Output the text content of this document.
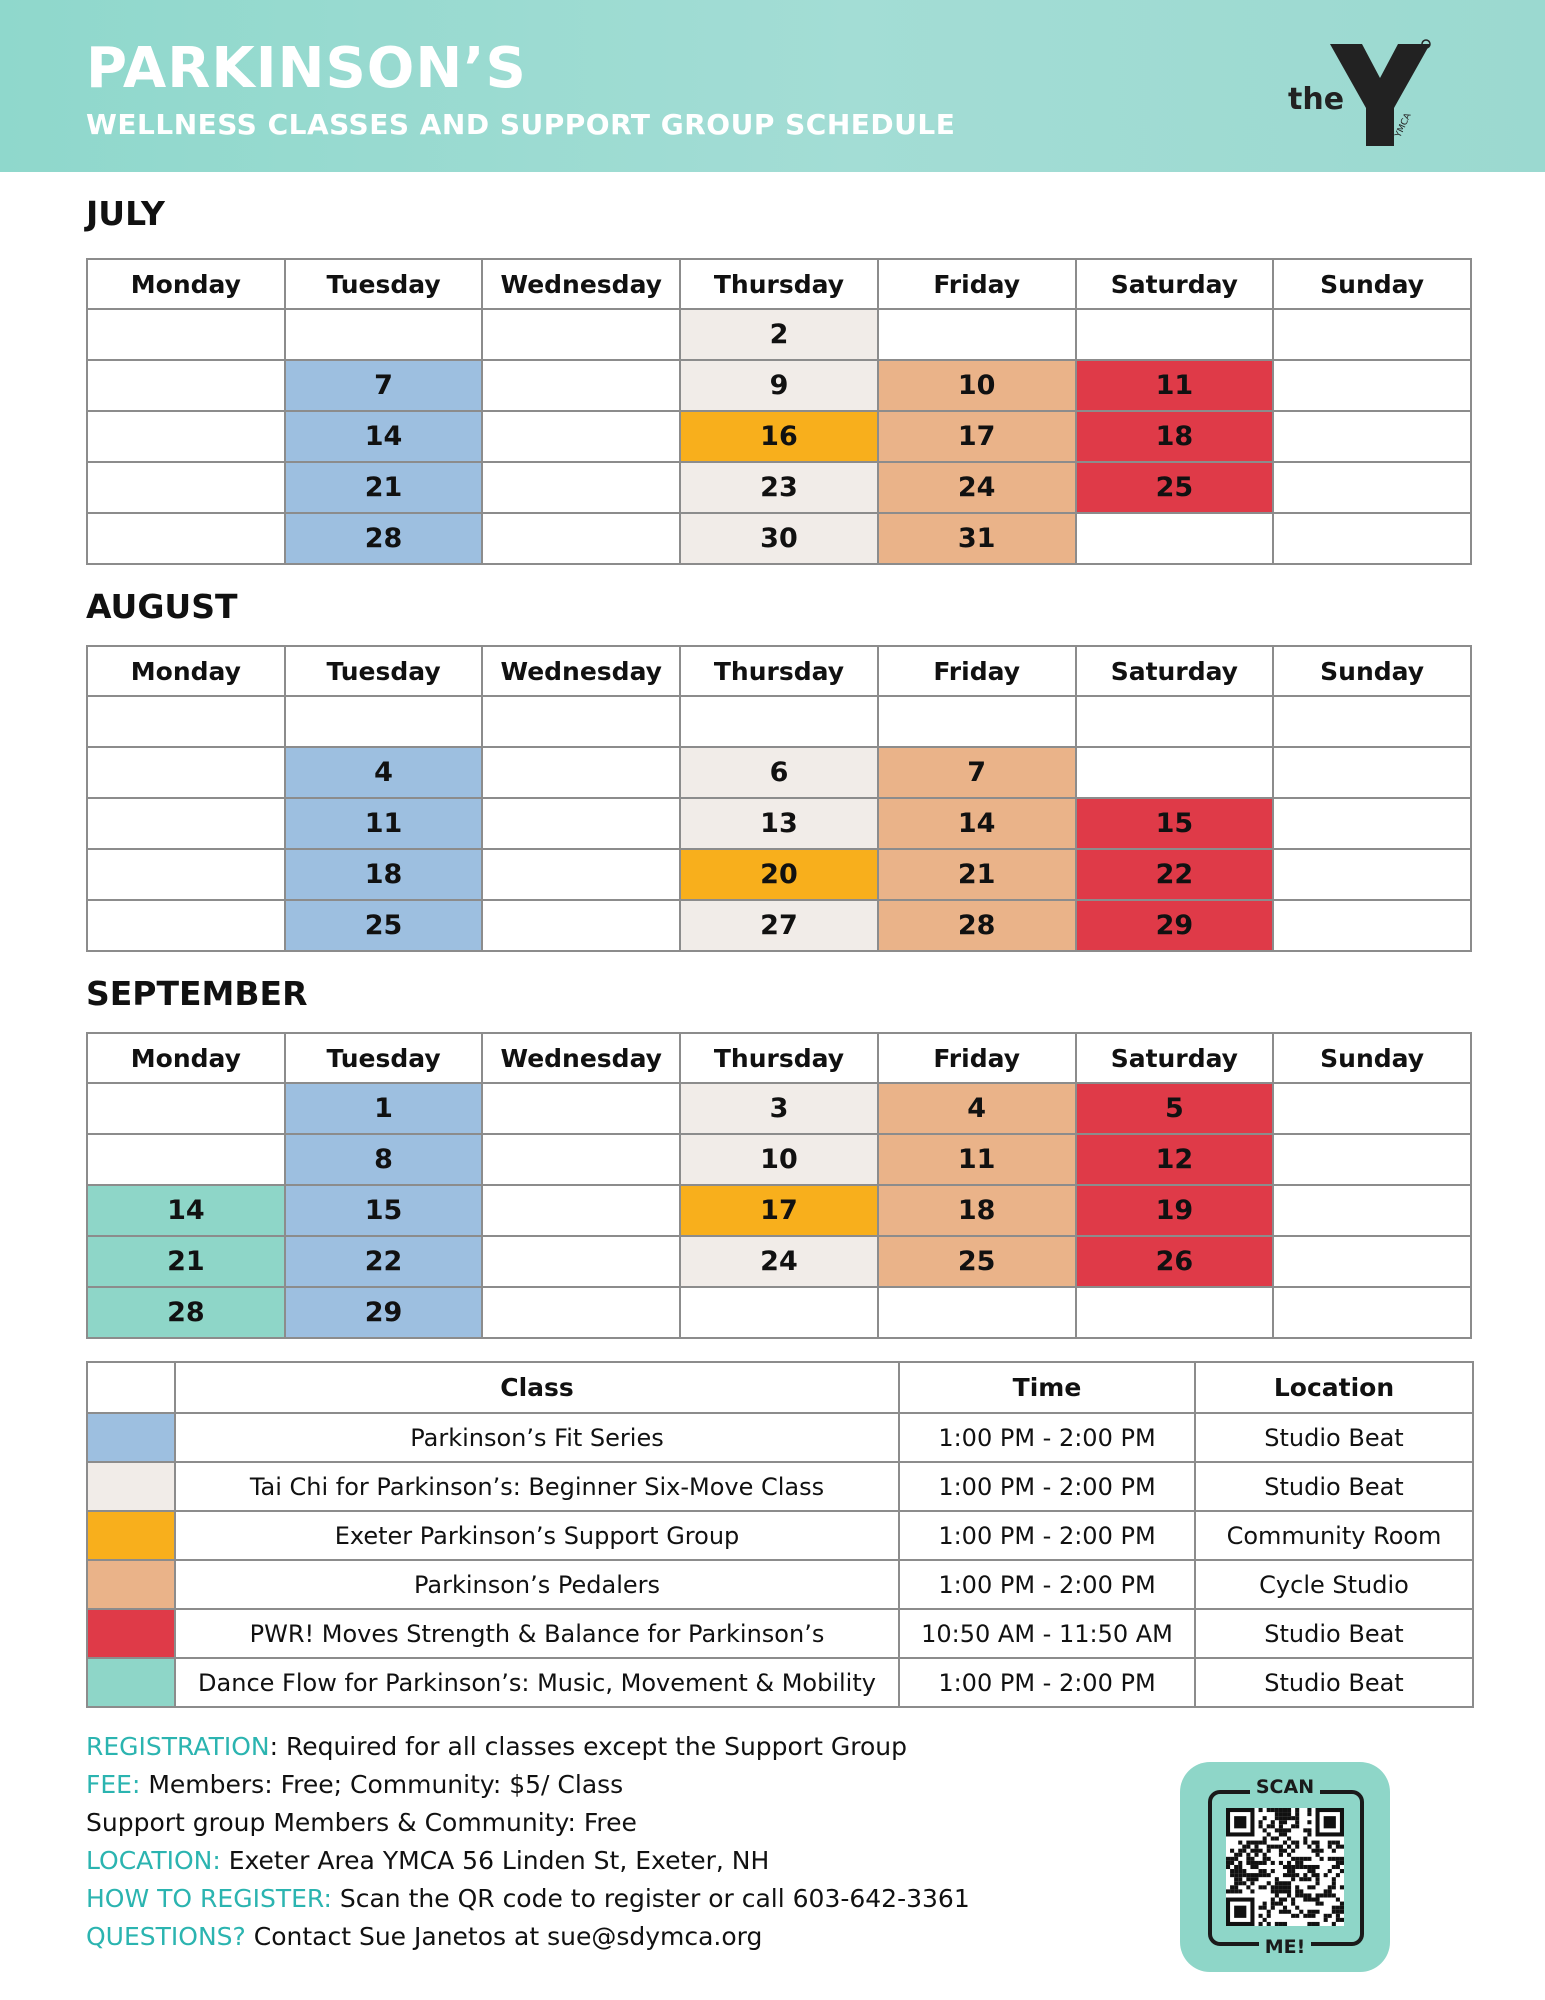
PARKINSON’S
WELLNESS CLASSES AND SUPPORT GROUP SCHEDULE
the
YMCA
JULY
Monday	Tuesday	Wednesday	Thursday	Friday	Saturday	Sunday
			2			
	7		9	10	11	
	14		16	17	18	
	21		23	24	25	
	28		30	31		
AUGUST
Monday	Tuesday	Wednesday	Thursday	Friday	Saturday	Sunday

	4		6	7		
	11		13	14	15	
	18		20	21	22	
	25		27	28	29	
SEPTEMBER
Monday	Tuesday	Wednesday	Thursday	Friday	Saturday	Sunday
	1		3	4	5	
	8		10	11	12	
14	15		17	18	19	
21	22		24	25	26	
28	29					
	Class	Time	Location
	Parkinson’s Fit Series	1:00 PM - 2:00 PM	Studio Beat
	Tai Chi for Parkinson’s: Beginner Six-Move Class	1:00 PM - 2:00 PM	Studio Beat
	Exeter Parkinson’s Support Group	1:00 PM - 2:00 PM	Community Room
	Parkinson’s Pedalers	1:00 PM - 2:00 PM	Cycle Studio
	PWR! Moves Strength & Balance for Parkinson’s	10:50 AM - 11:50 AM	Studio Beat
	Dance Flow for Parkinson’s: Music, Movement & Mobility	1:00 PM - 2:00 PM	Studio Beat
REGISTRATION: Required for all classes except the Support Group
FEE: Members: Free; Community: $5/ Class
Support group Members & Community: Free
LOCATION: Exeter Area YMCA 56 Linden St, Exeter, NH
HOW TO REGISTER: Scan the QR code to register or call 603-642-3361
QUESTIONS? Contact Sue Janetos at sue@sdymca.org
SCAN
ME!
